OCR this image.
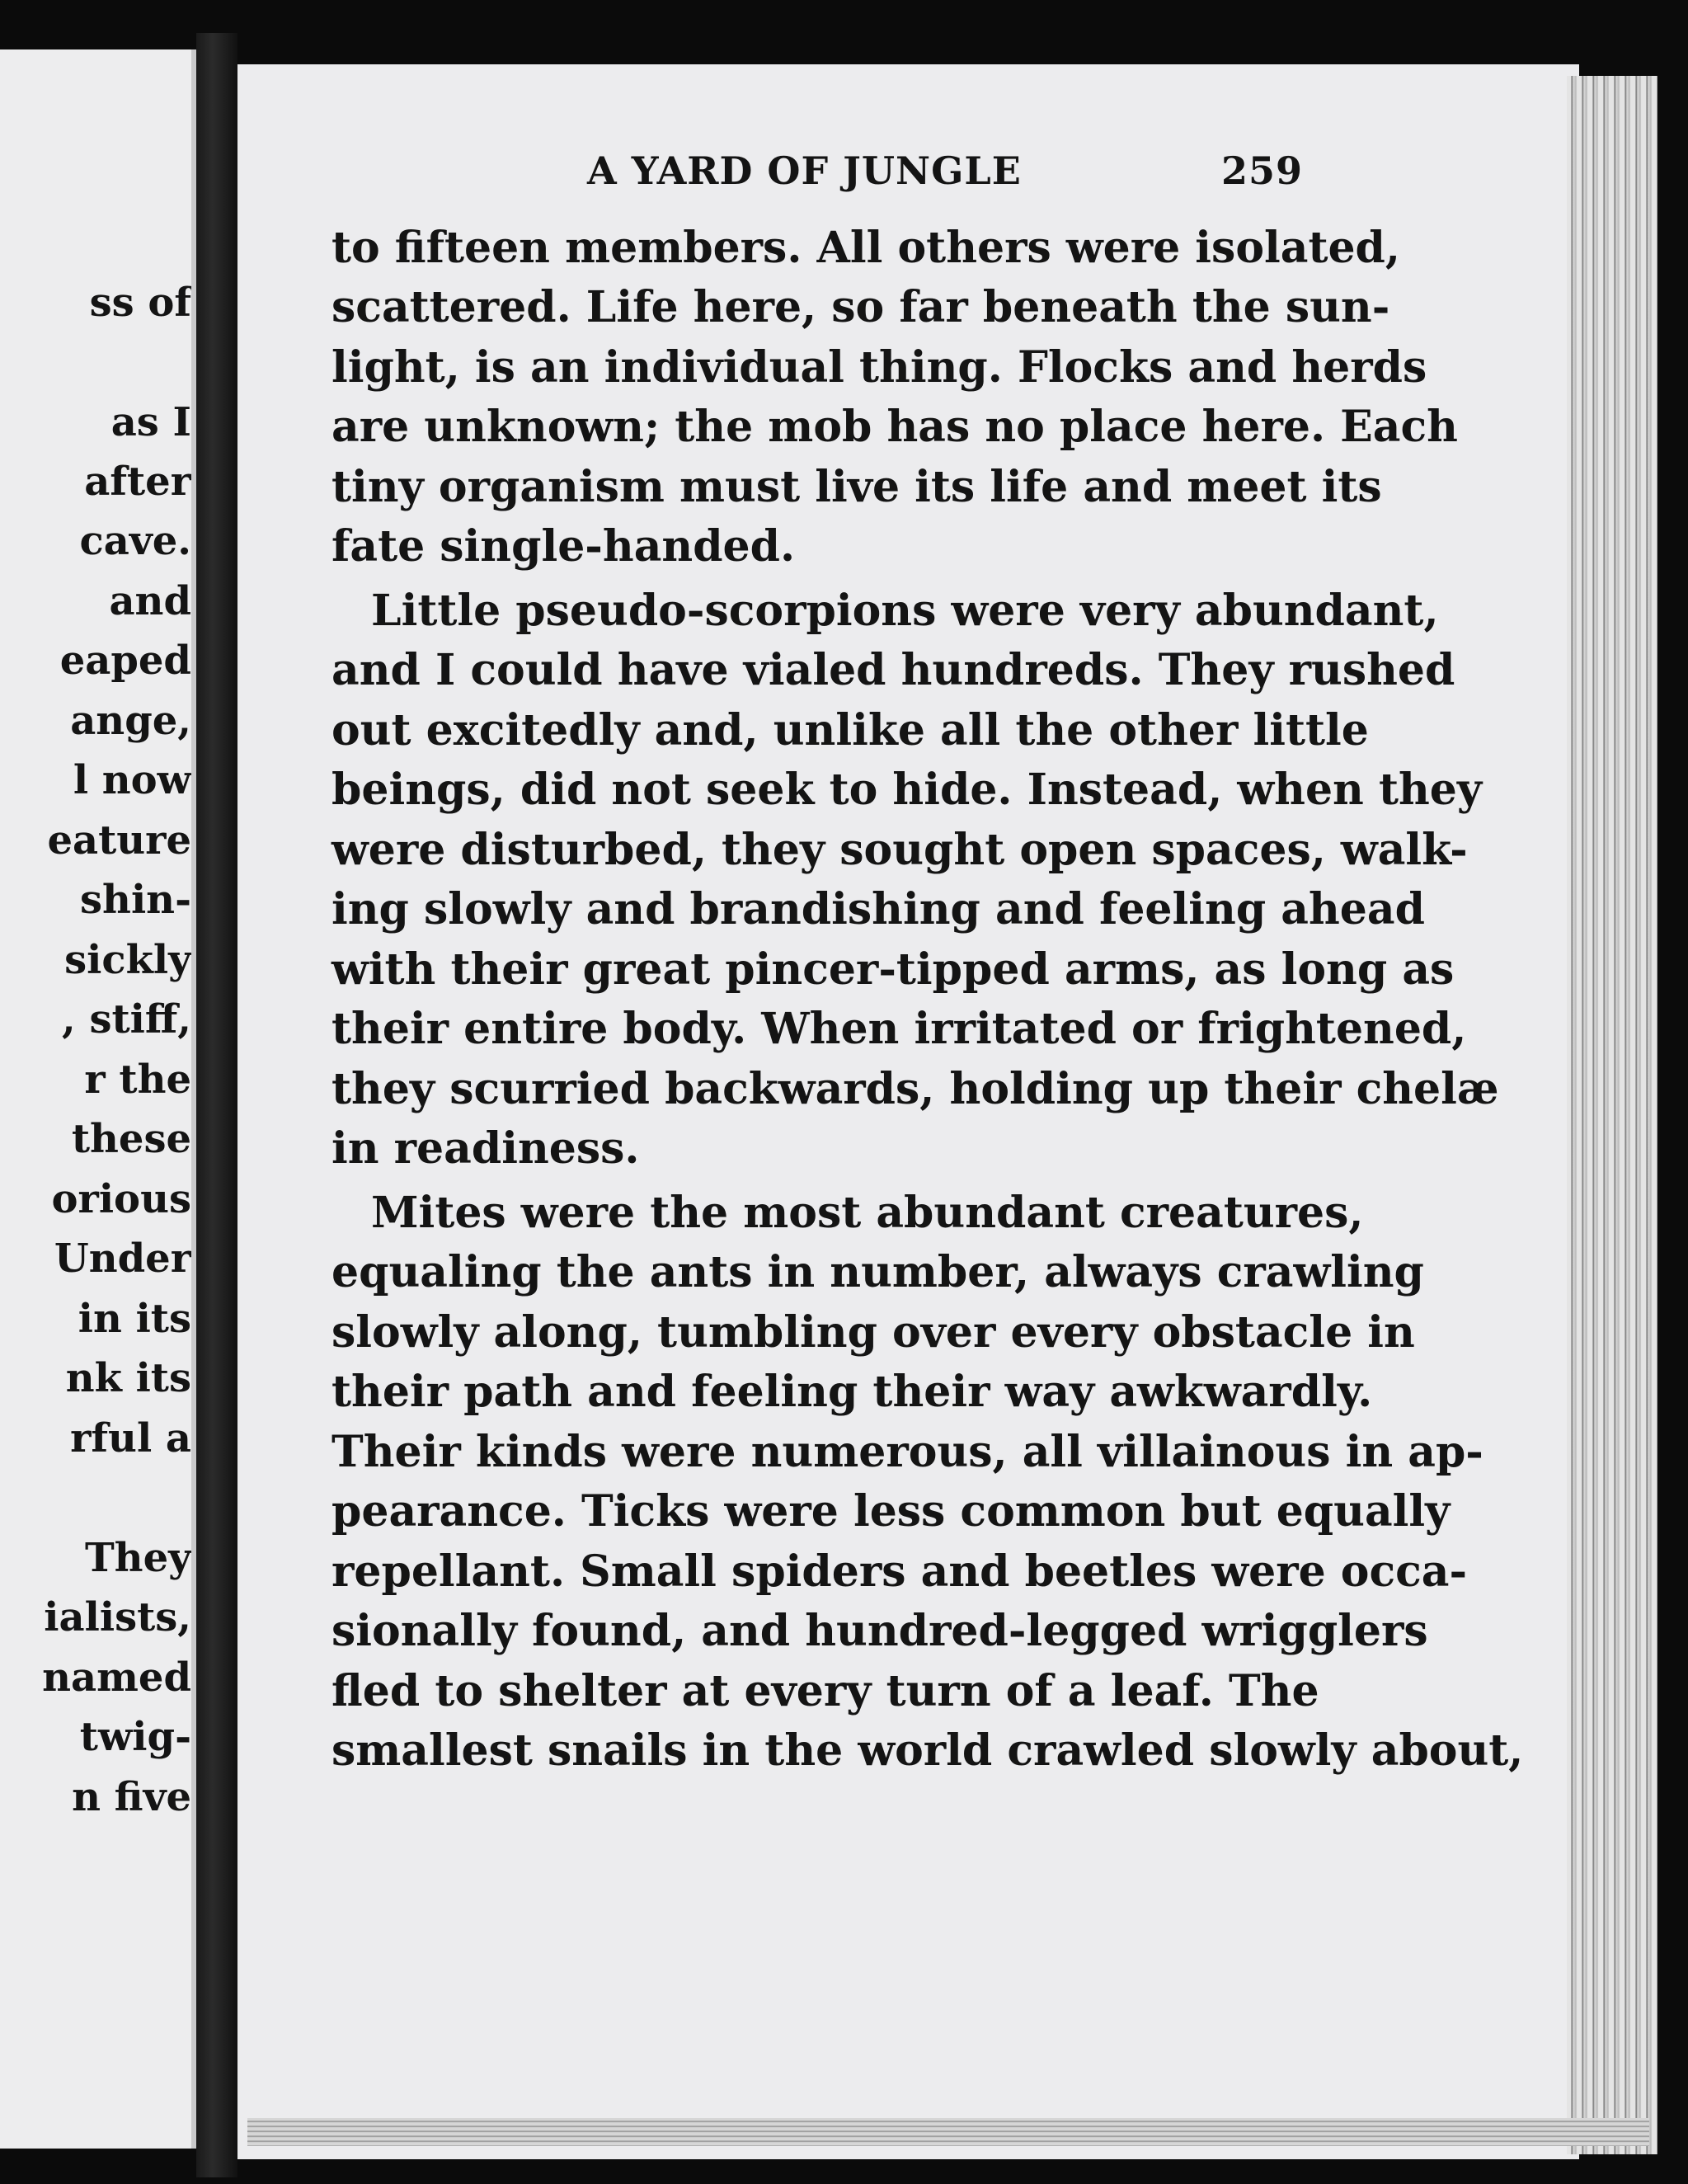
ss of
as I
after
cave.
and
eaped
ange,
l now
eature
shin-
sickly
, stiff,
r the
these
orious
Under
in its
nk its
rful a
They
ialists,
named
twig-
n five
A YARD OF JUNGLE	259
to fifteen members. All others were isolated,
scattered. Life here, so far beneath the sun-
light, is an individual thing. Flocks and herds
are unknown; the mob has no place here. Each
tiny organism must live its life and meet its
fate single-handed.
Little pseudo-scorpions were very abundant,
and I could have vialed hundreds. They rushed
out excitedly and, unlike all the other little
beings, did not seek to hide. Instead, when they
were disturbed, they sought open spaces, walk-
ing slowly and brandishing and feeling ahead
with their great pincer-tipped arms, as long as
their entire body. When irritated or frightened,
they scurried backwards, holding up their chelæ
in readiness.
Mites were the most abundant creatures,
equaling the ants in number, always crawling
slowly along, tumbling over every obstacle in
their path and feeling their way awkwardly.
Their kinds were numerous, all villainous in ap-
pearance. Ticks were less common but equally
repellant. Small spiders and beetles were occa-
sionally found, and hundred-legged wrigglers
fled to shelter at every turn of a leaf. The
smallest snails in the world crawled slowly about,
